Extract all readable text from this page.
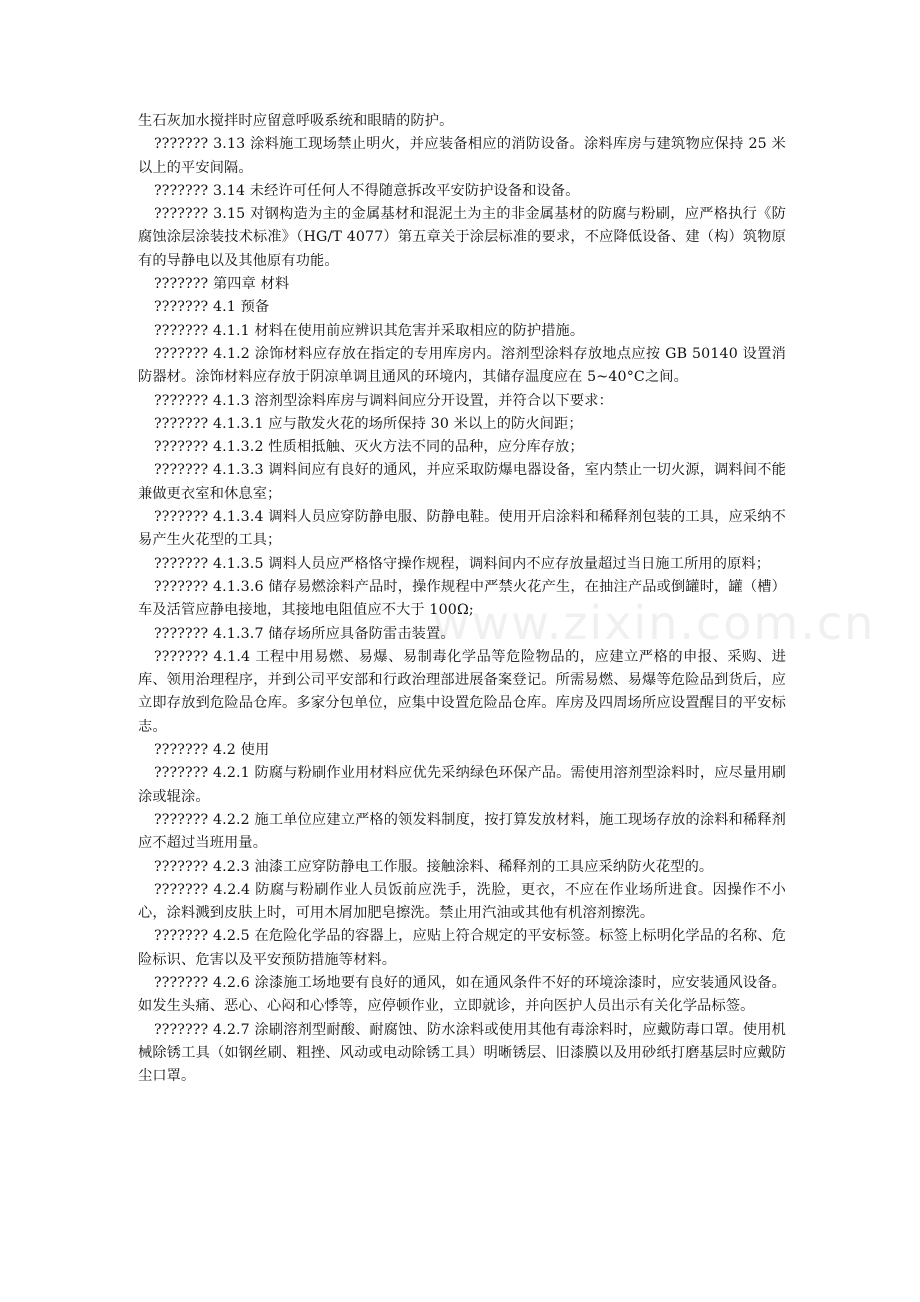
www.zixin.com.cn

生石灰加水搅拌时应留意呼吸系统和眼睛的防护。

??????? 3.13 涂料施工现场禁止明火，并应装备相应的消防设备。涂料库房与建筑物应保持 25 米以上的平安间隔。

??????? 3.14 未经许可任何人不得随意拆改平安防护设备和设备。

??????? 3.15 对钢构造为主的金属基材和混泥土为主的非金属基材的防腐与粉刷，应严格执行《防腐蚀涂层涂装技术标准》（HG/T 4077）第五章关于涂层标准的要求，不应降低设备、建（构）筑物原有的导静电以及其他原有功能。

??????? 第四章 材料

??????? 4.1 预备

??????? 4.1.1 材料在使用前应辨识其危害并采取相应的防护措施。

??????? 4.1.2 涂饰材料应存放在指定的专用库房内。溶剂型涂料存放地点应按 GB 50140 设置消防器材。涂饰材料应存放于阴凉单调且通风的环境内，其储存温度应在 5~40°C之间。

??????? 4.1.3 溶剂型涂料库房与调料间应分开设置，并符合以下要求：

??????? 4.1.3.1 应与散发火花的场所保持 30 米以上的防火间距；

??????? 4.1.3.2 性质相抵触、灭火方法不同的品种，应分库存放；

??????? 4.1.3.3 调料间应有良好的通风，并应采取防爆电器设备，室内禁止一切火源，调料间不能兼做更衣室和休息室；

??????? 4.1.3.4 调料人员应穿防静电服、防静电鞋。使用开启涂料和稀释剂包装的工具，应采纳不易产生火花型的工具；

??????? 4.1.3.5 调料人员应严格恪守操作规程，调料间内不应存放量超过当日施工所用的原料；

??????? 4.1.3.6 储存易燃涂料产品时，操作规程中严禁火花产生，在抽注产品或倒罐时，罐（槽）车及活管应静电接地，其接地电阻值应不大于 100Ω;

??????? 4.1.3.7 储存场所应具备防雷击装置。

??????? 4.1.4 工程中用易燃、易爆、易制毒化学品等危险物品的，应建立严格的申报、采购、进库、领用治理程序，并到公司平安部和行政治理部进展备案登记。所需易燃、易爆等危险品到货后，应立即存放到危险品仓库。多家分包单位，应集中设置危险品仓库。库房及四周场所应设置醒目的平安标志。

??????? 4.2 使用

??????? 4.2.1 防腐与粉刷作业用材料应优先采纳绿色环保产品。需使用溶剂型涂料时，应尽量用刷涂或辊涂。

??????? 4.2.2 施工单位应建立严格的领发料制度，按打算发放材料，施工现场存放的涂料和稀释剂应不超过当班用量。

??????? 4.2.3 油漆工应穿防静电工作服。接触涂料、稀释剂的工具应采纳防火花型的。

??????? 4.2.4 防腐与粉刷作业人员饭前应洗手，洗脸，更衣，不应在作业场所进食。因操作不小心，涂料溅到皮肤上时，可用木屑加肥皂擦洗。禁止用汽油或其他有机溶剂擦洗。

??????? 4.2.5 在危险化学品的容器上，应贴上符合规定的平安标签。标签上标明化学品的名称、危险标识、危害以及平安预防措施等材料。

??????? 4.2.6 涂漆施工场地要有良好的通风，如在通风条件不好的环境涂漆时，应安装通风设备。如发生头痛、恶心、心闷和心悸等，应停顿作业，立即就诊，并向医护人员出示有关化学品标签。

??????? 4.2.7 涂刷溶剂型耐酸、耐腐蚀、防水涂料或使用其他有毒涂料时，应戴防毒口罩。使用机械除锈工具（如钢丝刷、粗挫、风动或电动除锈工具）明晰锈层、旧漆膜以及用砂纸打磨基层时应戴防尘口罩。
